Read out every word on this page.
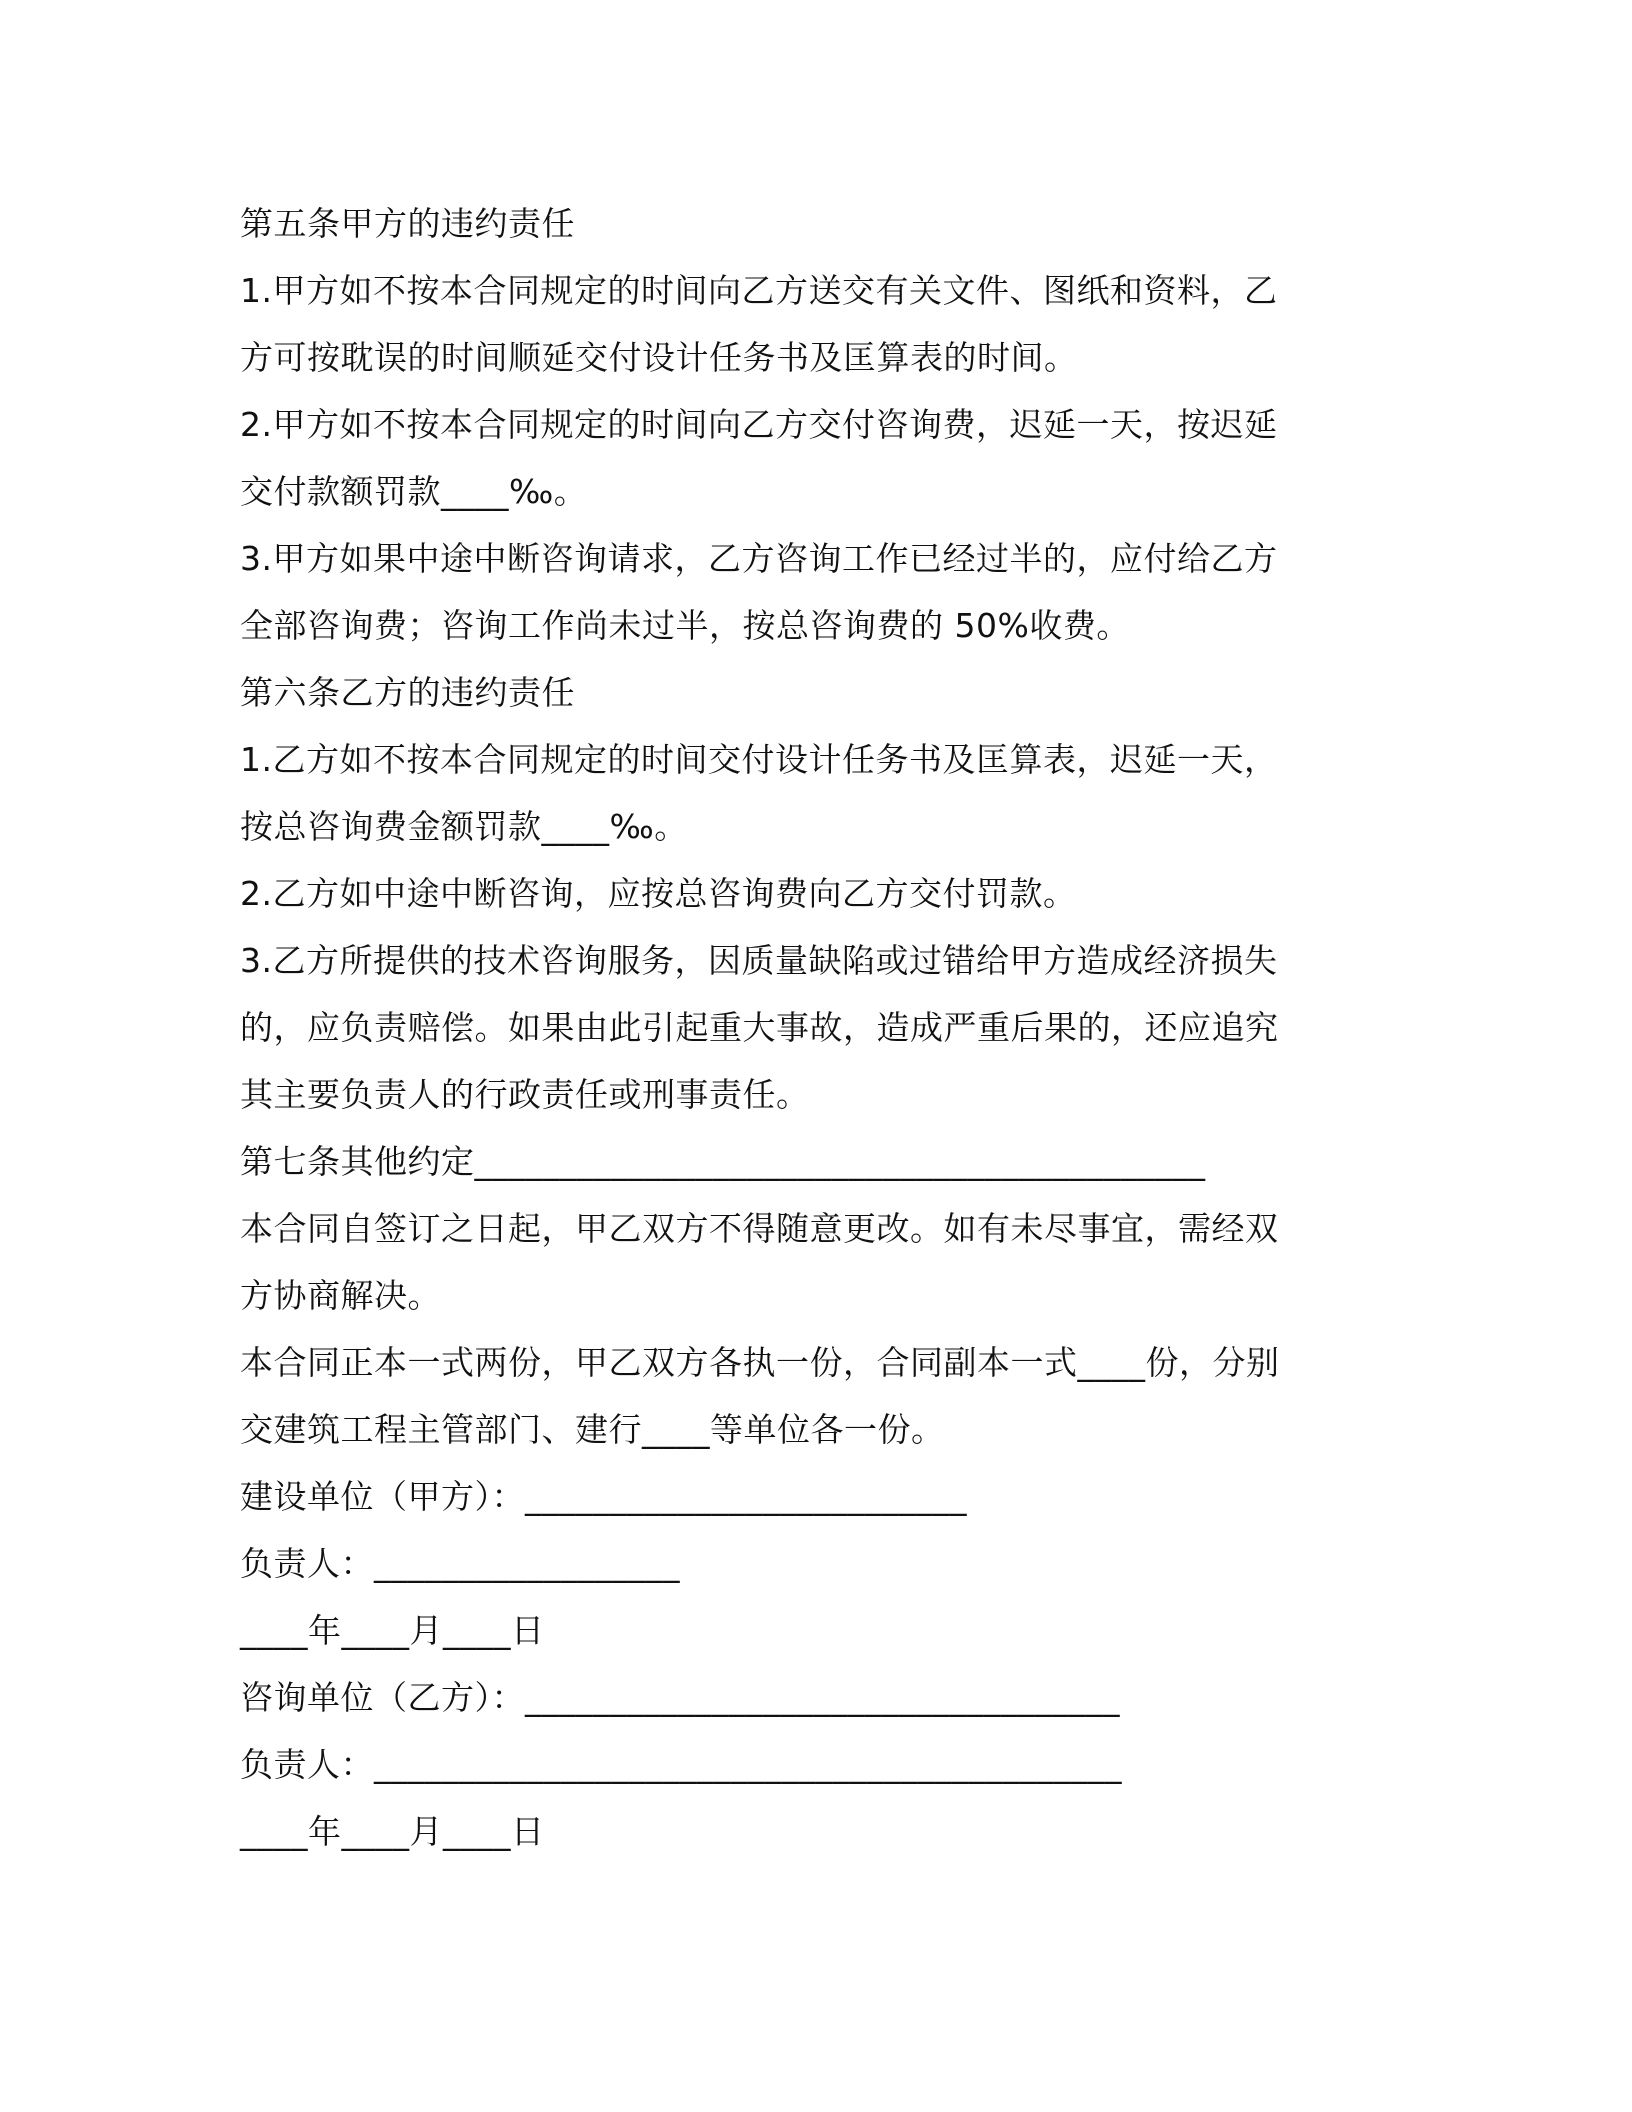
第五条甲方的违约责任
1.甲方如不按本合同规定的时间向乙方送交有关文件、图纸和资料，乙
方可按耽误的时间顺延交付设计任务书及匡算表的时间。
2.甲方如不按本合同规定的时间向乙方交付咨询费，迟延一天，按迟延
交付款额罚款____‰。
3.甲方如果中途中断咨询请求，乙方咨询工作已经过半的，应付给乙方
全部咨询费；咨询工作尚未过半，按总咨询费的 50%收费。
第六条乙方的违约责任
1.乙方如不按本合同规定的时间交付设计任务书及匡算表，迟延一天，
按总咨询费金额罚款____‰。
2.乙方如中途中断咨询，应按总咨询费向乙方交付罚款。
3.乙方所提供的技术咨询服务，因质量缺陷或过错给甲方造成经济损失
的，应负责赔偿。如果由此引起重大事故，造成严重后果的，还应追究
其主要负责人的行政责任或刑事责任。
第七条其他约定___________________________________________
本合同自签订之日起，甲乙双方不得随意更改。如有未尽事宜，需经双
方协商解决。
本合同正本一式两份，甲乙双方各执一份，合同副本一式____份，分别
交建筑工程主管部门、建行____等单位各一份。
建设单位（甲方）：__________________________
负责人：__________________
____年____月____日
咨询单位（乙方）：___________________________________
负责人：____________________________________________
____年____月____日
